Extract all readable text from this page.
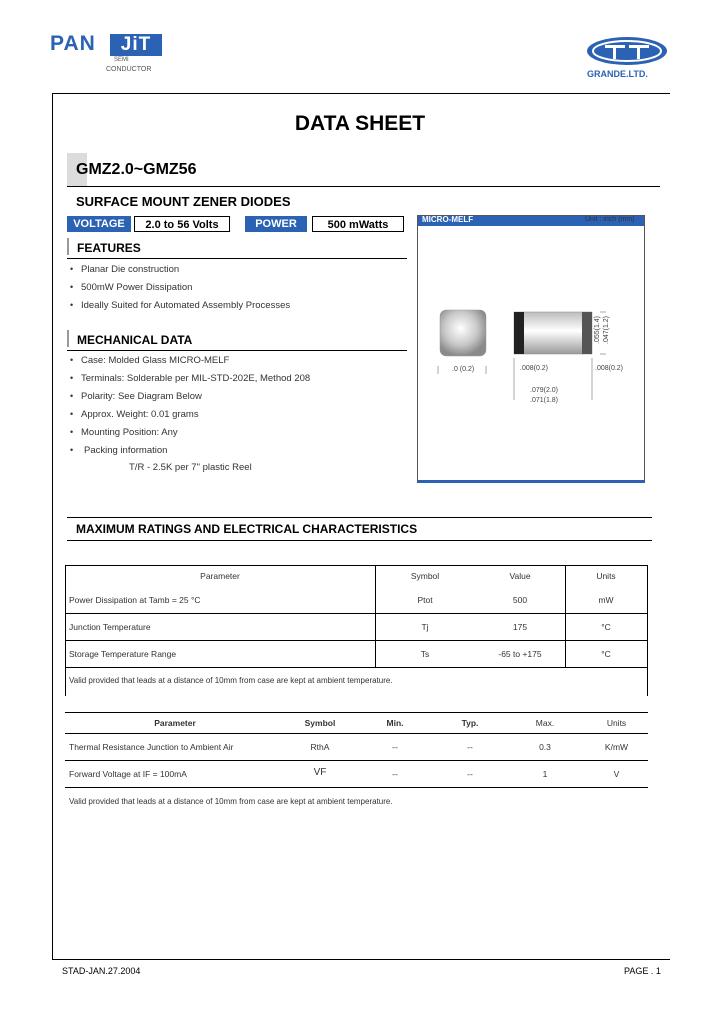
PAN	JiT
SEMI
CONDUCTOR	GRANDE.LTD.
DATA SHEET
GMZ2.0~GMZ56
SURFACE MOUNT ZENER DIODES
VOLTAGE	2.0 to 56 Volts	POWER	500 mWatts
FEATURES
• Planar Die construction
• 500mW Power Dissipation
• Ideally Suited for Automated Assembly Processes
MECHANICAL DATA
• Case: Molded Glass MICRO-MELF
• Terminals: Solderable per MIL-STD-202E, Method 208
• Polarity: See Diagram Below
• Approx. Weight: 0.01 grams
• Mounting Position: Any
• Packing information
T/R - 2.5K per 7" plastic Reel
MICRO-MELF	Unit : inch (mm)
.0 (0.2)	.008(0.2)	.008(0.2)
.079(2.0)
.071(1.8)
.055(1.4) .047(1.2)
MAXIMUM RATINGS AND ELECTRICAL CHARACTERISTICS
Parameter	Symbol	Value	Units
Power Dissipation at Tamb = 25 °C	Ptot	500	mW
Junction Temperature	Tj	175	°C
Storage Temperature Range	Ts	-65 to +175	°C
Valid provided that leads at a distance of 10mm from case are kept at ambient temperature.
Parameter	Symbol	Min.	Typ.	Max.	Units
Thermal Resistance Junction to Ambient Air	RthA	--	--	0.3	K/mW
Forward Voltage at IF = 100mA	VF	--	--	1	V
Valid provided that leads at a distance of 10mm from case are kept at ambient temperature.
STAD-JAN.27.2004	PAGE . 1
